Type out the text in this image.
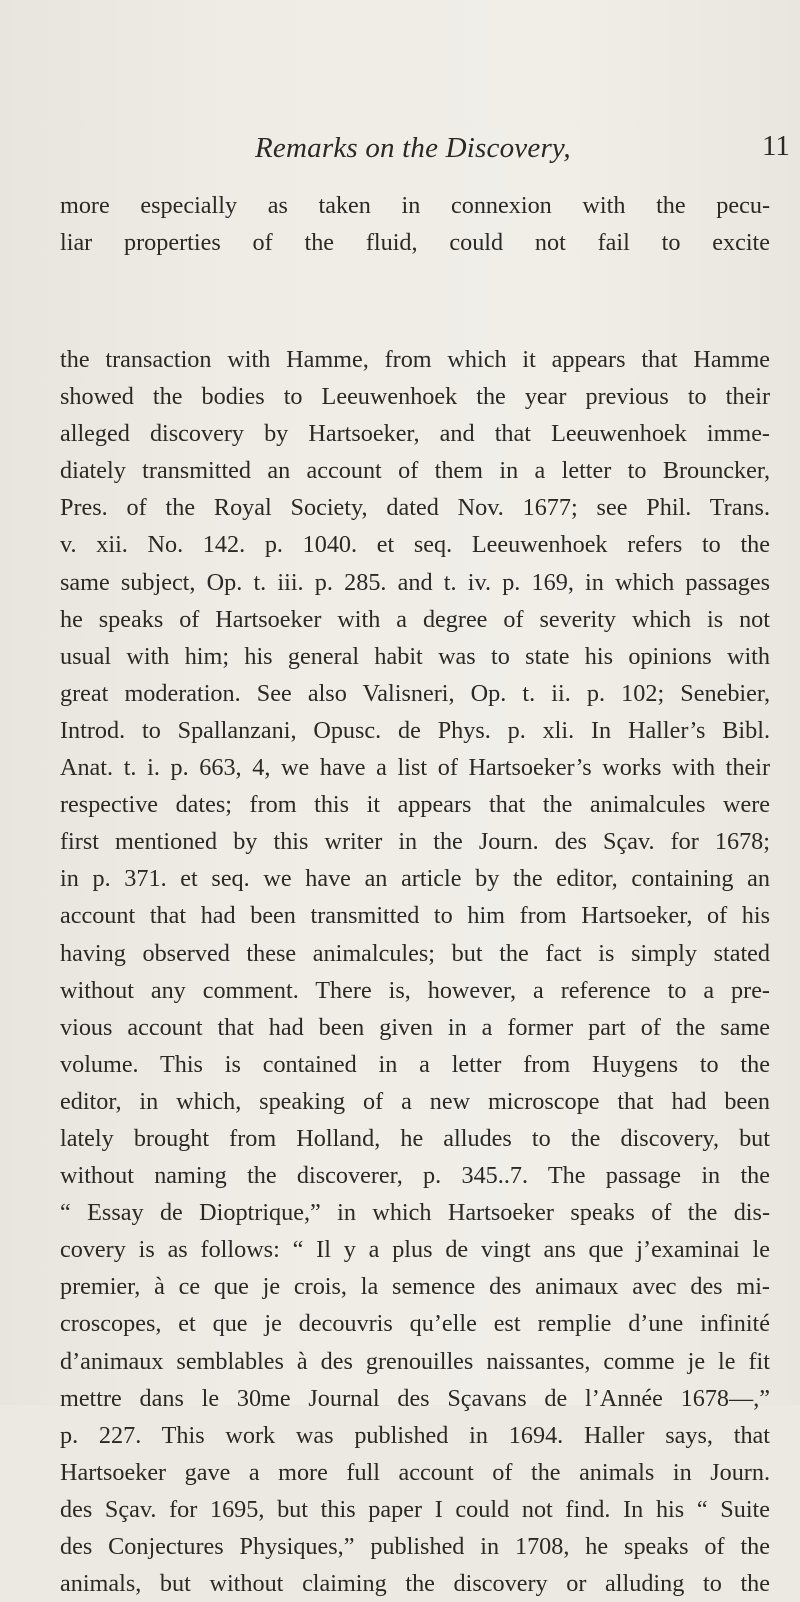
Remarks on the Discovery,	11
more especially as taken in connexion with the pecu-
liar properties of the fluid, could not fail to excite
the transaction with Hamme, from which it appears that Hamme
showed the bodies to Leeuwenhoek the year previous to their
alleged discovery by Hartsoeker, and that Leeuwenhoek imme-
diately transmitted an account of them in a letter to Brouncker,
Pres. of the Royal Society, dated Nov. 1677; see Phil. Trans.
v. xii. No. 142. p. 1040. et seq. Leeuwenhoek refers to the
same subject, Op. t. iii. p. 285. and t. iv. p. 169, in which passages
he speaks of Hartsoeker with a degree of severity which is not
usual with him; his general habit was to state his opinions with
great moderation. See also Valisneri, Op. t. ii. p. 102; Senebier,
Introd. to Spallanzani, Opusc. de Phys. p. xli. In Haller’s Bibl.
Anat. t. i. p. 663, 4, we have a list of Hartsoeker’s works with their
respective dates; from this it appears that the animalcules were
first mentioned by this writer in the Journ. des Sçav. for 1678;
in p. 371. et seq. we have an article by the editor, containing an
account that had been transmitted to him from Hartsoeker, of his
having observed these animalcules; but the fact is simply stated
without any comment. There is, however, a reference to a pre-
vious account that had been given in a former part of the same
volume. This is contained in a letter from Huygens to the
editor, in which, speaking of a new microscope that had been
lately brought from Holland, he alludes to the discovery, but
without naming the discoverer, p. 345..7. The passage in the
“ Essay de Dioptrique,” in which Hartsoeker speaks of the dis-
covery is as follows: “ Il y a plus de vingt ans que j’examinai le
premier, à ce que je crois, la semence des animaux avec des mi-
croscopes, et que je decouvris qu’elle est remplie d’une infinité
d’animaux semblables à des grenouilles naissantes, comme je le fit
mettre dans le 30me Journal des Sçavans de l’Année 1678—,”
p. 227. This work was published in 1694. Haller says, that
Hartsoeker gave a more full account of the animals in Journ.
des Sçav. for 1695, but this paper I could not find. In his “ Suite
des Conjectures Physiques,” published in 1708, he speaks of the
animals, but without claiming the discovery or alluding to the
